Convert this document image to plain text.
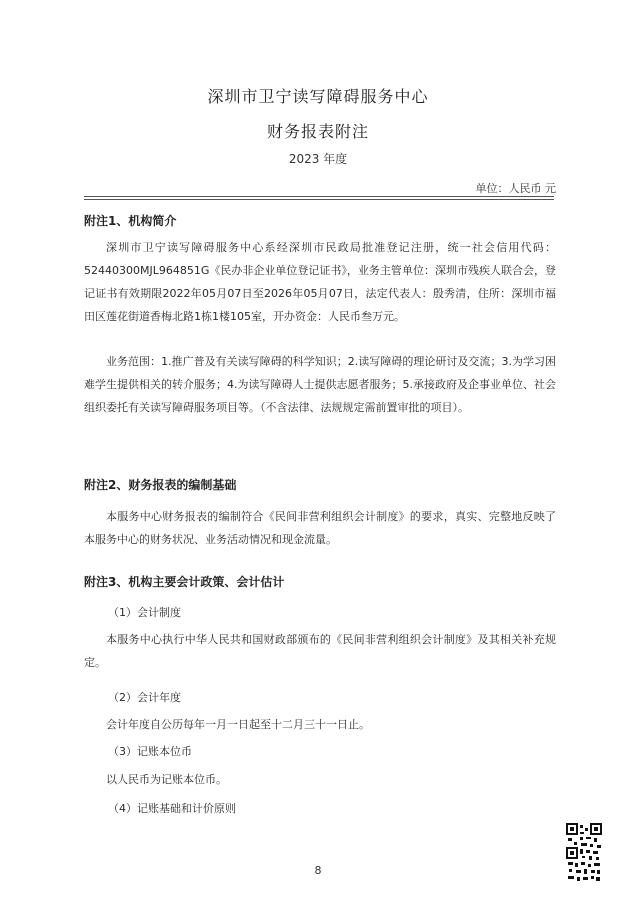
深圳市卫宁读写障碍服务中心
财务报表附注
2023 年度
单位：人民币 元
附注1、机构简介
深圳市卫宁读写障碍服务中心系经深圳市民政局批准登记注册，统一社会信用代码：52440300MJL964851G《民办非企业单位登记证书》，业务主管单位：深圳市残疾人联合会，登记证书有效期限2022年05月07日至2026年05月07日，法定代表人：殷秀清，住所：深圳市福田区莲花街道香梅北路1栋1楼105室，开办资金：人民币叁万元。
业务范围：1.推广普及有关读写障碍的科学知识；2.读写障碍的理论研讨及交流；3.为学习困难学生提供相关的转介服务；4.为读写障碍人士提供志愿者服务；5.承接政府及企事业单位、社会组织委托有关读写障碍服务项目等。（不含法律、法规规定需前置审批的项目）。
附注2、财务报表的编制基础
本服务中心财务报表的编制符合《民间非营利组织会计制度》的要求，真实、完整地反映了本服务中心的财务状况、业务活动情况和现金流量。
附注3、机构主要会计政策、会计估计
（1）会计制度
本服务中心执行中华人民共和国财政部颁布的《民间非营利组织会计制度》及其相关补充规定。
（2）会计年度
会计年度自公历每年一月一日起至十二月三十一日止。
（3）记账本位币
以人民币为记账本位币。
（4）记账基础和计价原则
8
